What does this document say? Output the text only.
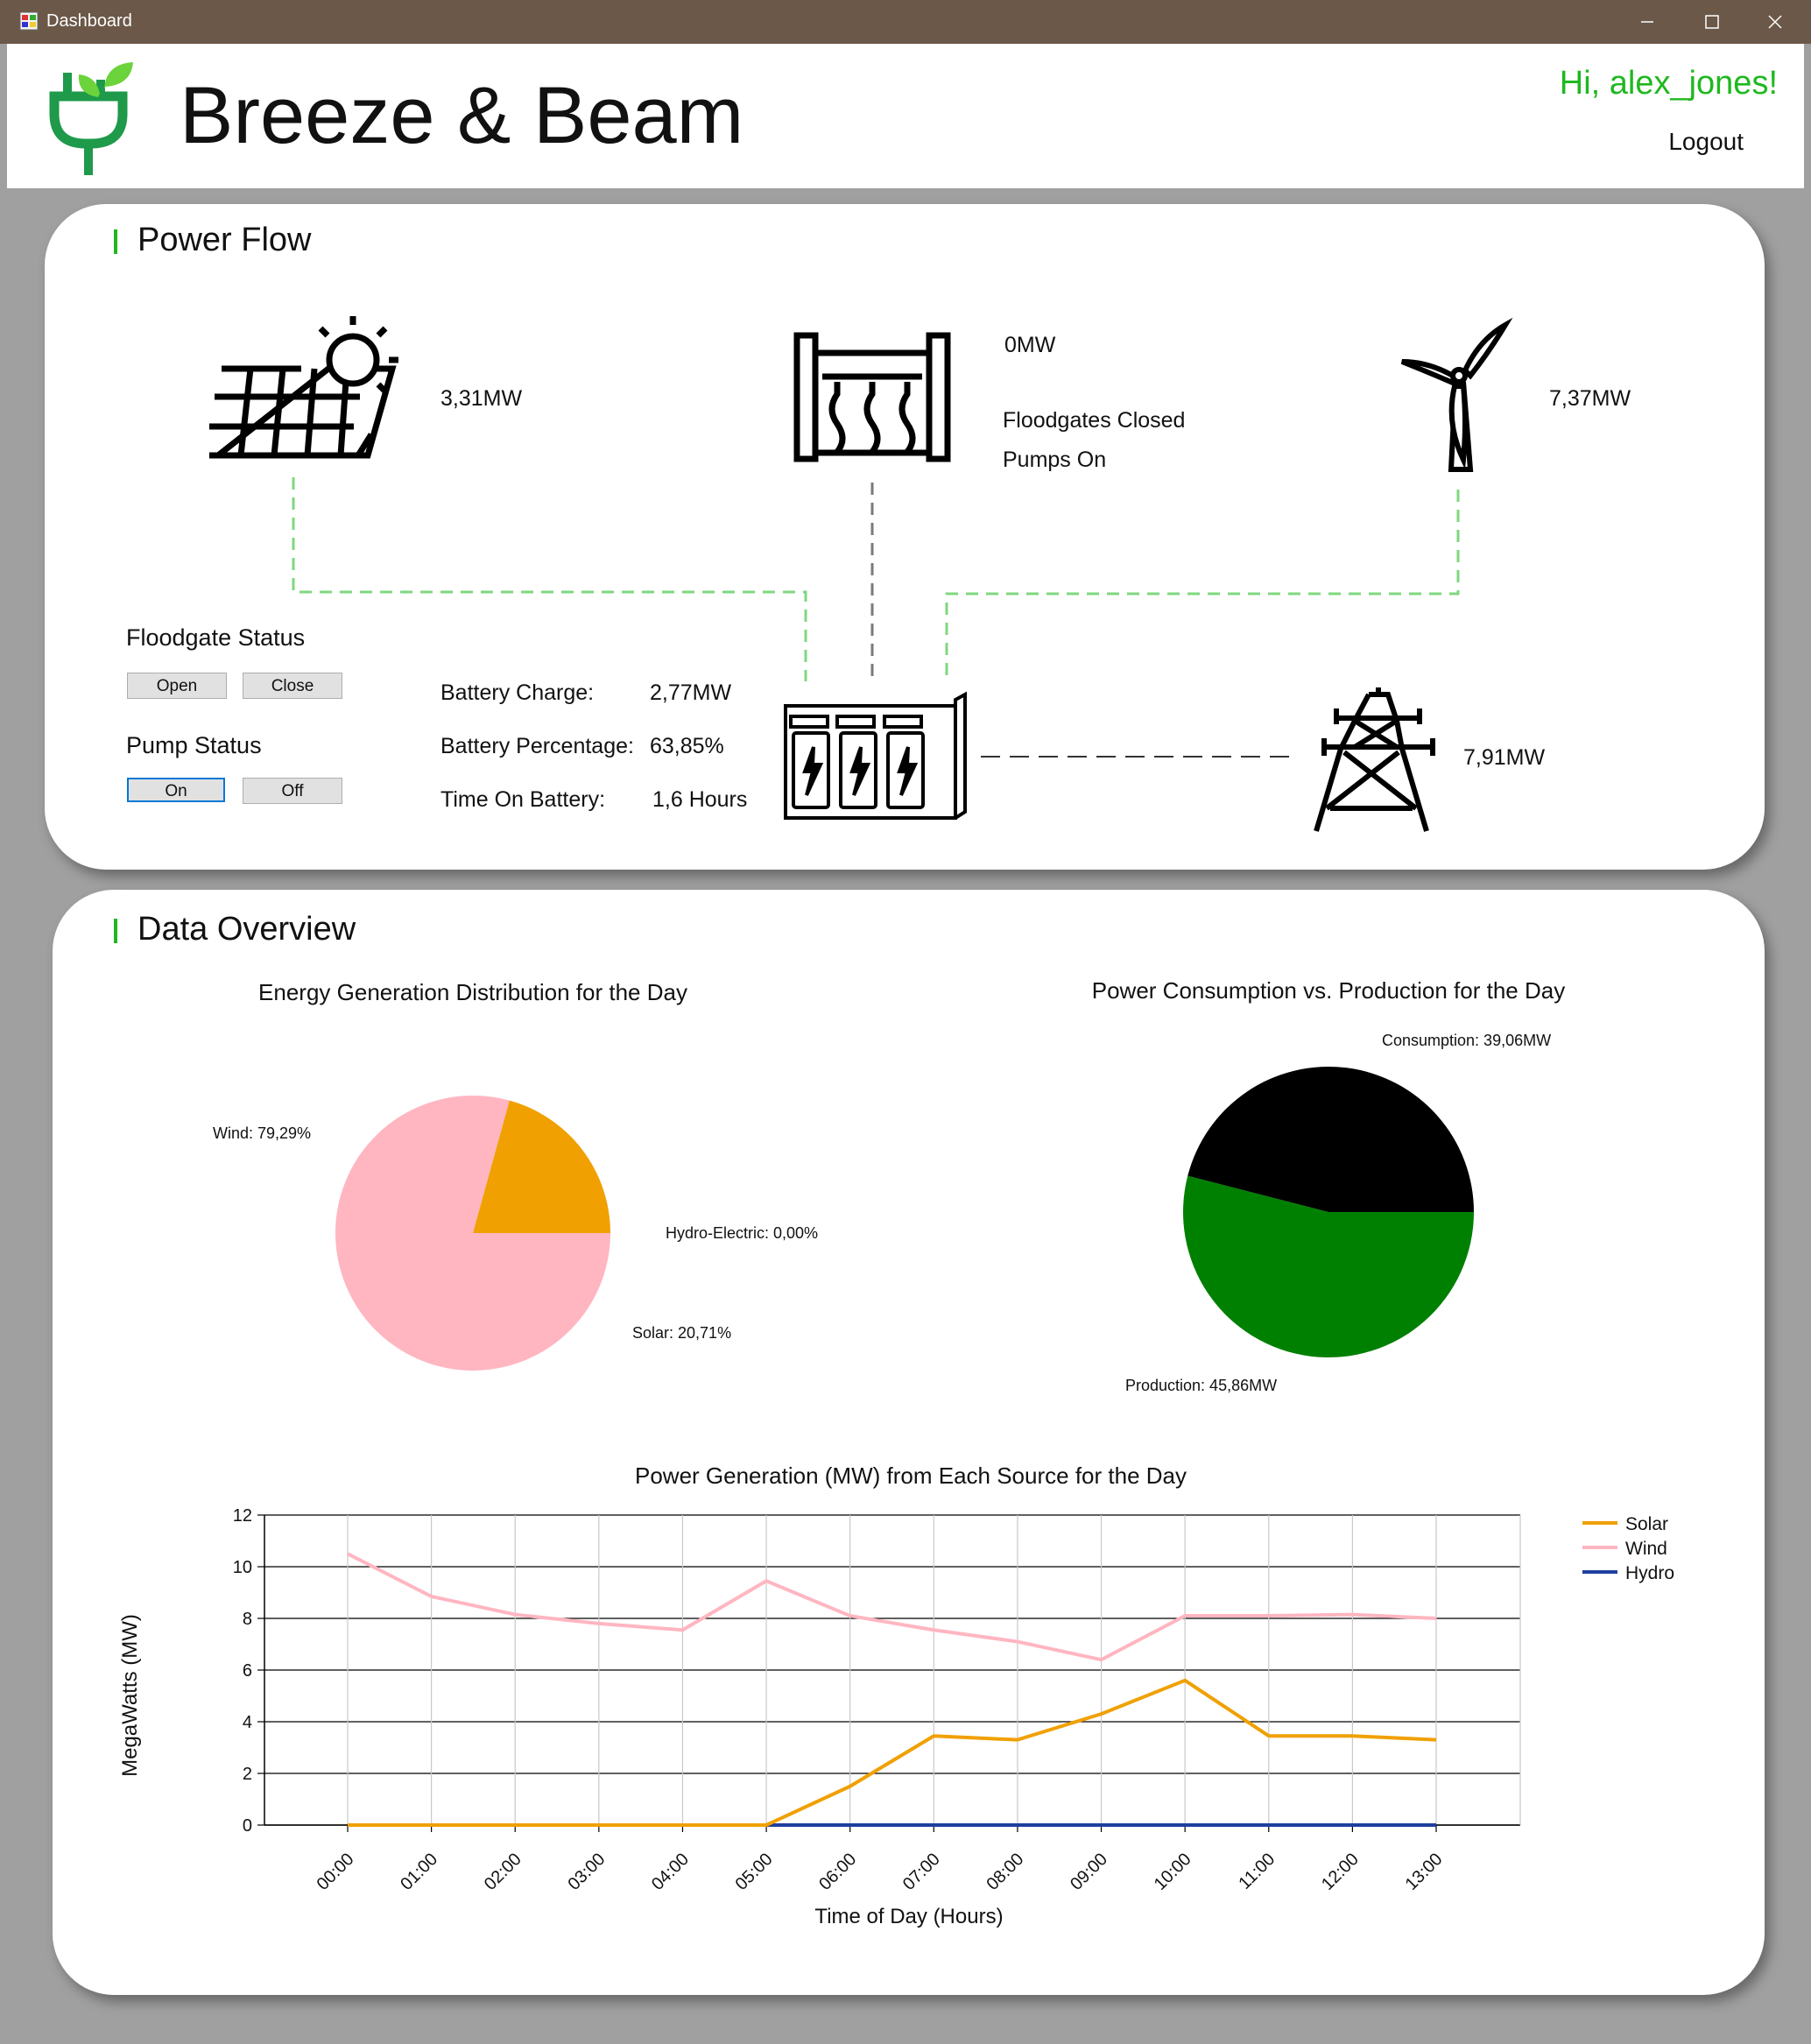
Dashboard
Breeze & Beam	Hi, alex_jones!
Logout
Power Flow
3,31MW
0MW
Floodgates Closed
Pumps On
7,37MW
7,91MW
Floodgate Status
Open	Close
Pump Status
On	Off
Battery Charge:	2,77MW
Battery Percentage: 63,85%
Time On Battery: 1,6 Hours
Data Overview
Energy Generation Distribution for the Day
Wind: 79,29%
Hydro-Electric: 0,00%
Solar: 20,71%
Power Consumption vs. Production for the Day
Consumption: 39,06MW
Production: 45,86MW
Power Generation (MW) from Each Source for the Day
0
2
4
6
8
10
12
00:00 01:00 02:00 03:00 04:00 05:00 06:00 07:00 08:00 09:00 10:00 11:00 12:00 13:00
Time of Day (Hours)
MegaWatts (MW)
Solar
Wind
Hydro
